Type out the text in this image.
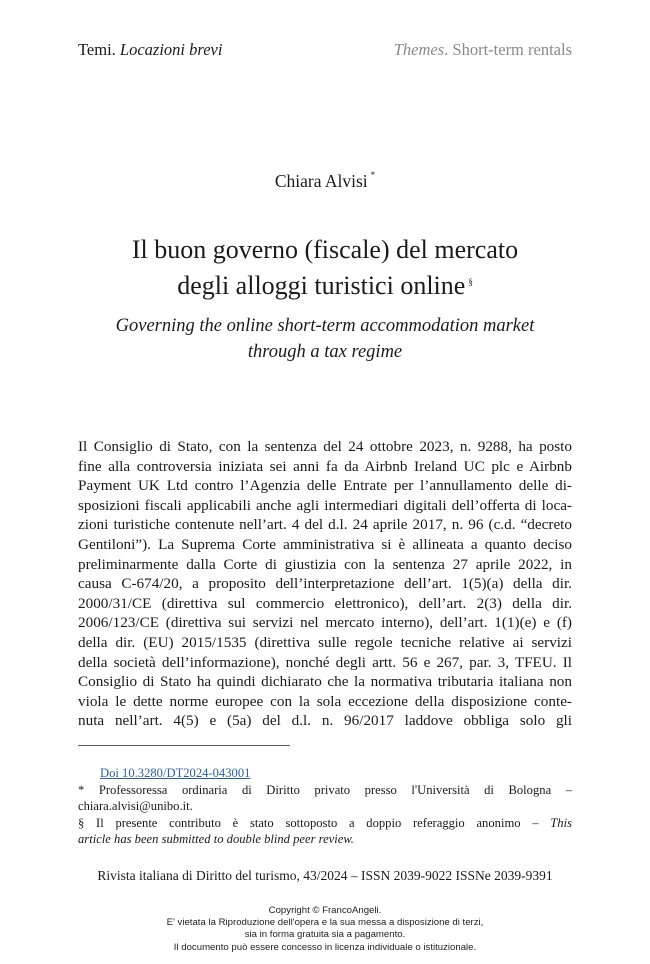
Temi. Locazioni brevi	Themes. Short-term rentals
Chiara Alvisi *
Il buon governo (fiscale) del mercato
degli alloggi turistici online §
Governing the online short-term accommodation market
through a tax regime
Il Consiglio di Stato, con la sentenza del 24 ottobre 2023, n. 9288, ha posto
fine alla controversia iniziata sei anni fa da Airbnb Ireland UC plc e Airbnb
Payment UK Ltd contro l’Agenzia delle Entrate per l’annullamento delle di-
sposizioni fiscali applicabili anche agli intermediari digitali dell’offerta di loca-
zioni turistiche contenute nell’art. 4 del d.l. 24 aprile 2017, n. 96 (c.d. “decreto
Gentiloni”). La Suprema Corte amministrativa si è allineata a quanto deciso
preliminarmente dalla Corte di giustizia con la sentenza 27 aprile 2022, in
causa C-674/20, a proposito dell’interpretazione dell’art. 1(5)(a) della dir.
2000/31/CE (direttiva sul commercio elettronico), dell’art. 2(3) della dir.
2006/123/CE (direttiva sui servizi nel mercato interno), dell’art. 1(1)(e) e (f)
della dir. (EU) 2015/1535 (direttiva sulle regole tecniche relative ai servizi
della società dell’informazione), nonché degli artt. 56 e 267, par. 3, TFEU. Il
Consiglio di Stato ha quindi dichiarato che la normativa tributaria italiana non
viola le dette norme europee con la sola eccezione della disposizione conte-
nuta nell’art. 4(5) e (5a) del d.l. n. 96/2017 laddove obbliga solo gli
Doi 10.3280/DT2024-043001
* Professoressa ordinaria di Diritto privato presso l'Università di Bologna –
chiara.alvisi@unibo.it.
§ Il presente contributo è stato sottoposto a doppio referaggio anonimo – This
article has been submitted to double blind peer review.
Rivista italiana di Diritto del turismo, 43/2024 – ISSN 2039-9022 ISSNe 2039-9391
Copyright © FrancoAngeli.
E' vietata la Riproduzione dell'opera e la sua messa a disposizione di terzi,
sia in forma gratuita sia a pagamento.
Il documento può essere concesso in licenza individuale o istituzionale.
